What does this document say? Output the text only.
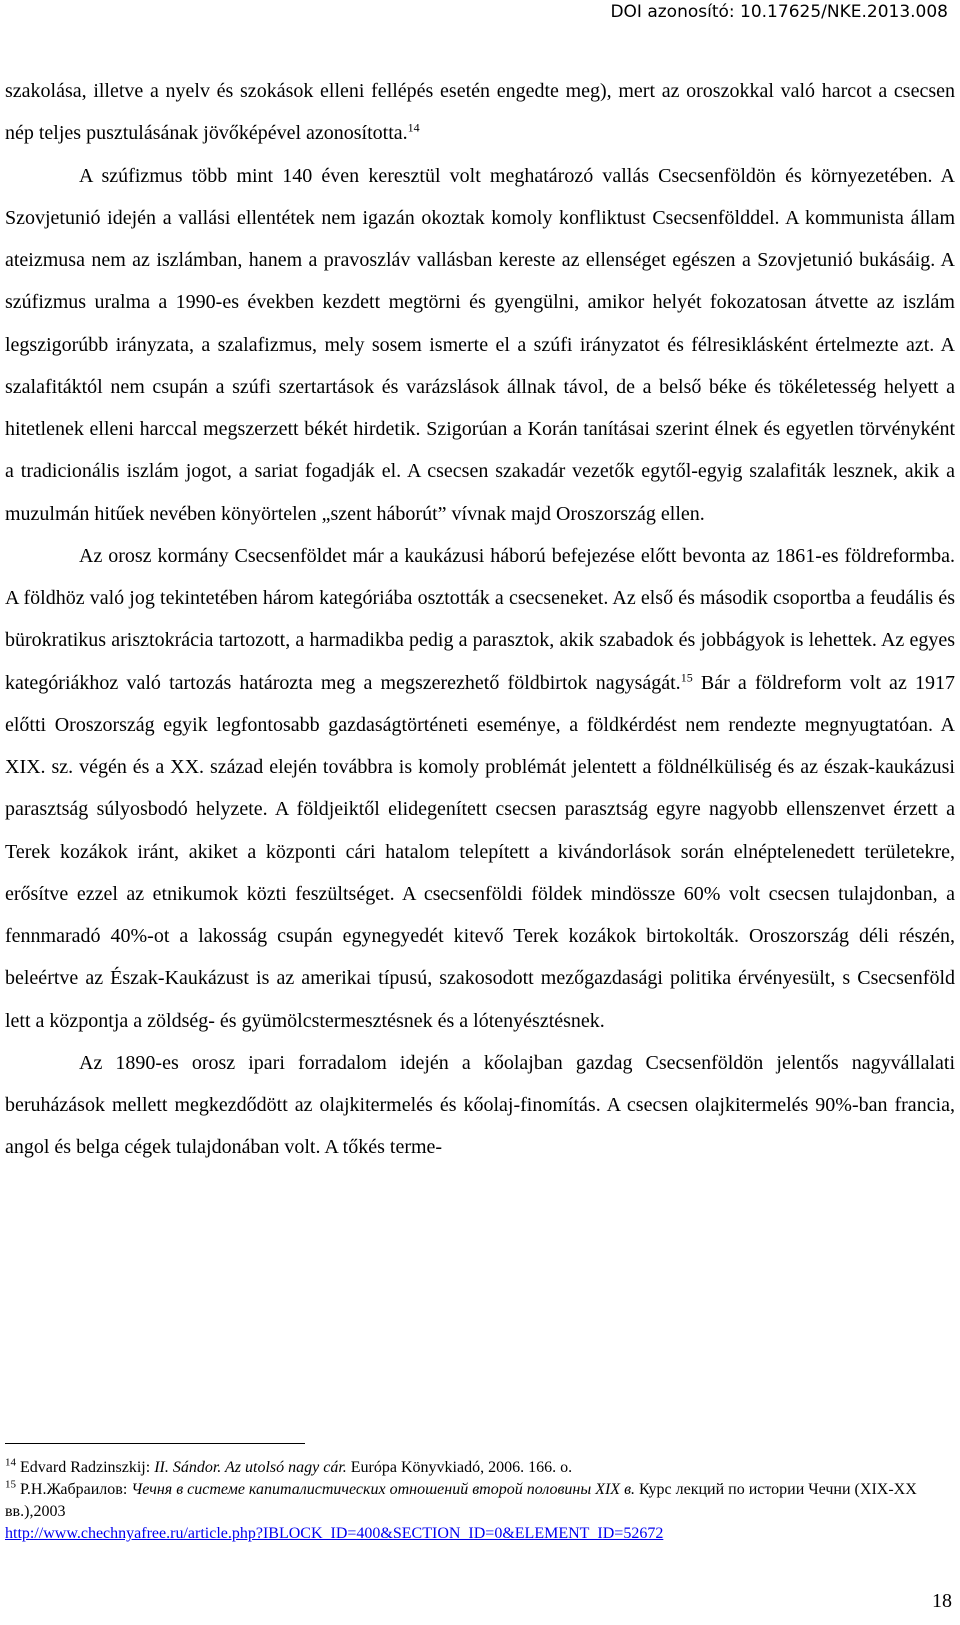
DOI azonosító: 10.17625/NKE.2013.008

szakolása, illetve a nyelv és szokások elleni fellépés esetén engedte meg), mert az oroszokkal való harcot a csecsen nép teljes pusztulásának jövőképével azonosította.$^{14}$

A szúfizmus több mint 140 éven keresztül volt meghatározó vallás Csecsenföldön és környezetében. A Szovjetunió idején a vallási ellentétek nem igazán okoztak komoly konfliktust Csecsenfölddel. A kommunista állam ateizmusa nem az iszlámban, hanem a pravoszláv vallásban kereste az ellenséget egészen a Szovjetunió bukásáig. A szúfizmus uralma a 1990-es években kezdett megtörni és gyengülni, amikor helyét fokozatosan átvette az iszlám legszigorúbb irányzata, a szalafizmus, mely sosem ismerte el a szúfi irányzatot és félresiklásként értelmezte azt. A szalafitáktól nem csupán a szúfi szertartások és varázslások állnak távol, de a belső béke és tökéletesség helyett a hitetlenek elleni harccal megszerzett békét hirdetik. Szigorúan a Korán tanításai szerint élnek és egyetlen törvényként a tradicionális iszlám jogot, a sariat fogadják el. A csecsen szakadár vezetők egytől-egyig szalafiták lesznek, akik a muzulmán hitűek nevében könyörtelen „szent háborút” vívnak majd Oroszország ellen.

Az orosz kormány Csecsenföldet már a kaukázusi háború befejezése előtt bevonta az 1861-es földreformba. A földhöz való jog tekintetében három kategóriába osztották a csecseneket. Az első és második csoportba a feudális és bürokratikus arisztokrácia tartozott, a harmadikba pedig a parasztok, akik szabadok és jobbágyok is lehettek. Az egyes kategóriákhoz való tartozás határozta meg a megszerezhető földbirtok nagyságát.$^{15}$ Bár a földreform volt az 1917 előtti Oroszország egyik legfontosabb gazdaságtörténeti eseménye, a földkérdést nem rendezte megnyugtatóan. A XIX. sz. végén és a XX. század elején továbbra is komoly problémát jelentett a földnélküliség és az észak-kaukázusi parasztság súlyosbodó helyzete. A földjeiktől elidegenített csecsen parasztság egyre nagyobb ellenszenvet érzett a Terek kozákok iránt, akiket a központi cári hatalom telepített a kivándorlások során elnéptelenedett területekre, erősítve ezzel az etnikumok közti feszültséget. A csecsenföldi földek mindössze 60% volt csecsen tulajdonban, a fennmaradó 40%-ot a lakosság csupán egynegyedét kitevő Terek kozákok birtokolták. Oroszország déli részén, beleértve az Észak-Kaukázust is az amerikai típusú, szakosodott mezőgazdasági politika érvényesült, s Csecsenföld lett a központja a zöldség- és gyümölcstermesztésnek és a lótenyésztésnek.

Az 1890-es orosz ipari forradalom idején a kőolajban gazdag Csecsenföldön jelentős nagyvállalati beruházások mellett megkezdődött az olajkitermelés és kőolaj-finomítás. A csecsen olajkitermelés 90%-ban francia, angol és belga cégek tulajdonában volt. A tőkés terme-

$^{14}$ Edvard Radzinszkij: II. Sándor. Az utolsó nagy cár. Európa Könyvkiadó, 2006. 166. o.

$^{15}$ Р.Н.Жабраилов: Чечня в системе капиталистических отношений второй половины XIX в. Курс лекций по истории Чечни (XIX-XX вв.),2003
http://www.chechnyafree.ru/article.php?IBLOCK_ID=400&SECTION_ID=0&ELEMENT_ID=52672

18
